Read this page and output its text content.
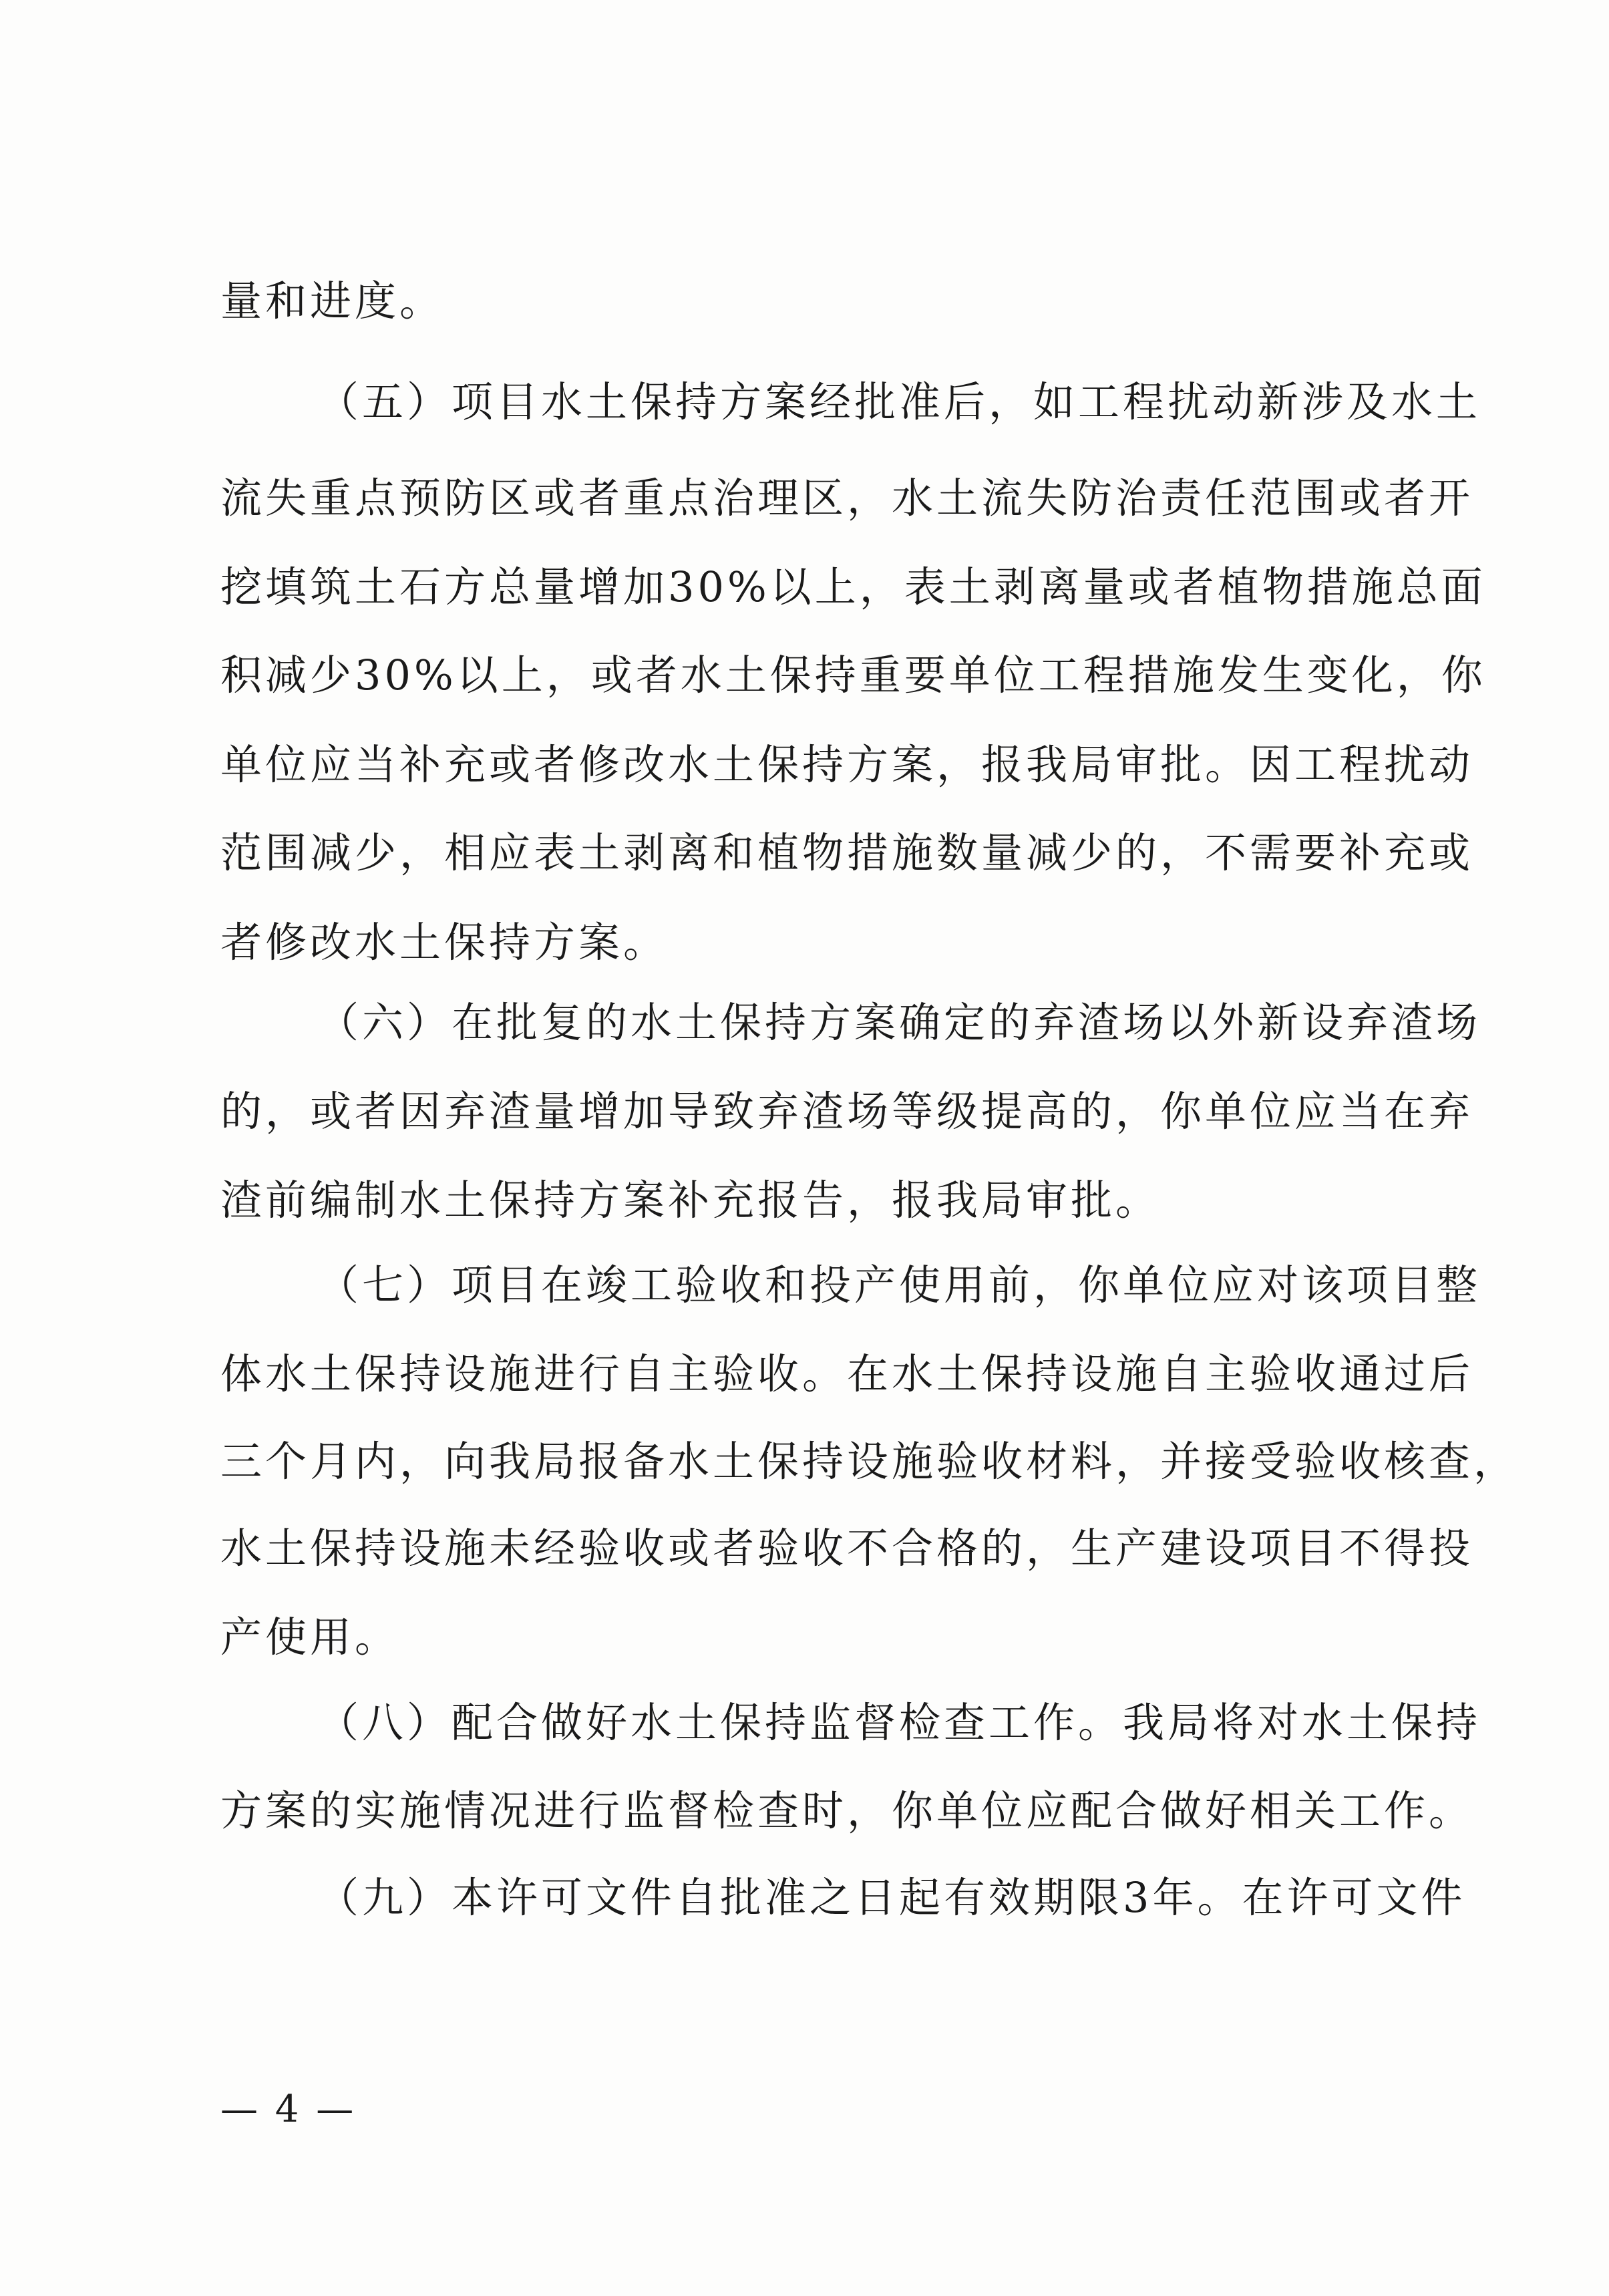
量和进度。
（五）项目水土保持方案经批准后，如工程扰动新涉及水土
流失重点预防区或者重点治理区，水土流失防治责任范围或者开
挖填筑土石方总量增加30%以上，表土剥离量或者植物措施总面
积减少30%以上，或者水土保持重要单位工程措施发生变化，你
单位应当补充或者修改水土保持方案，报我局审批。因工程扰动
范围减少，相应表土剥离和植物措施数量减少的，不需要补充或
者修改水土保持方案。
（六）在批复的水土保持方案确定的弃渣场以外新设弃渣场
的，或者因弃渣量增加导致弃渣场等级提高的，你单位应当在弃
渣前编制水土保持方案补充报告，报我局审批。
（七）项目在竣工验收和投产使用前，你单位应对该项目整
体水土保持设施进行自主验收。在水土保持设施自主验收通过后
三个月内，向我局报备水土保持设施验收材料，并接受验收核查，
水土保持设施未经验收或者验收不合格的，生产建设项目不得投
产使用。
（八）配合做好水土保持监督检查工作。我局将对水土保持
方案的实施情况进行监督检查时，你单位应配合做好相关工作。
（九）本许可文件自批准之日起有效期限3年。在许可文件
— 4 —
